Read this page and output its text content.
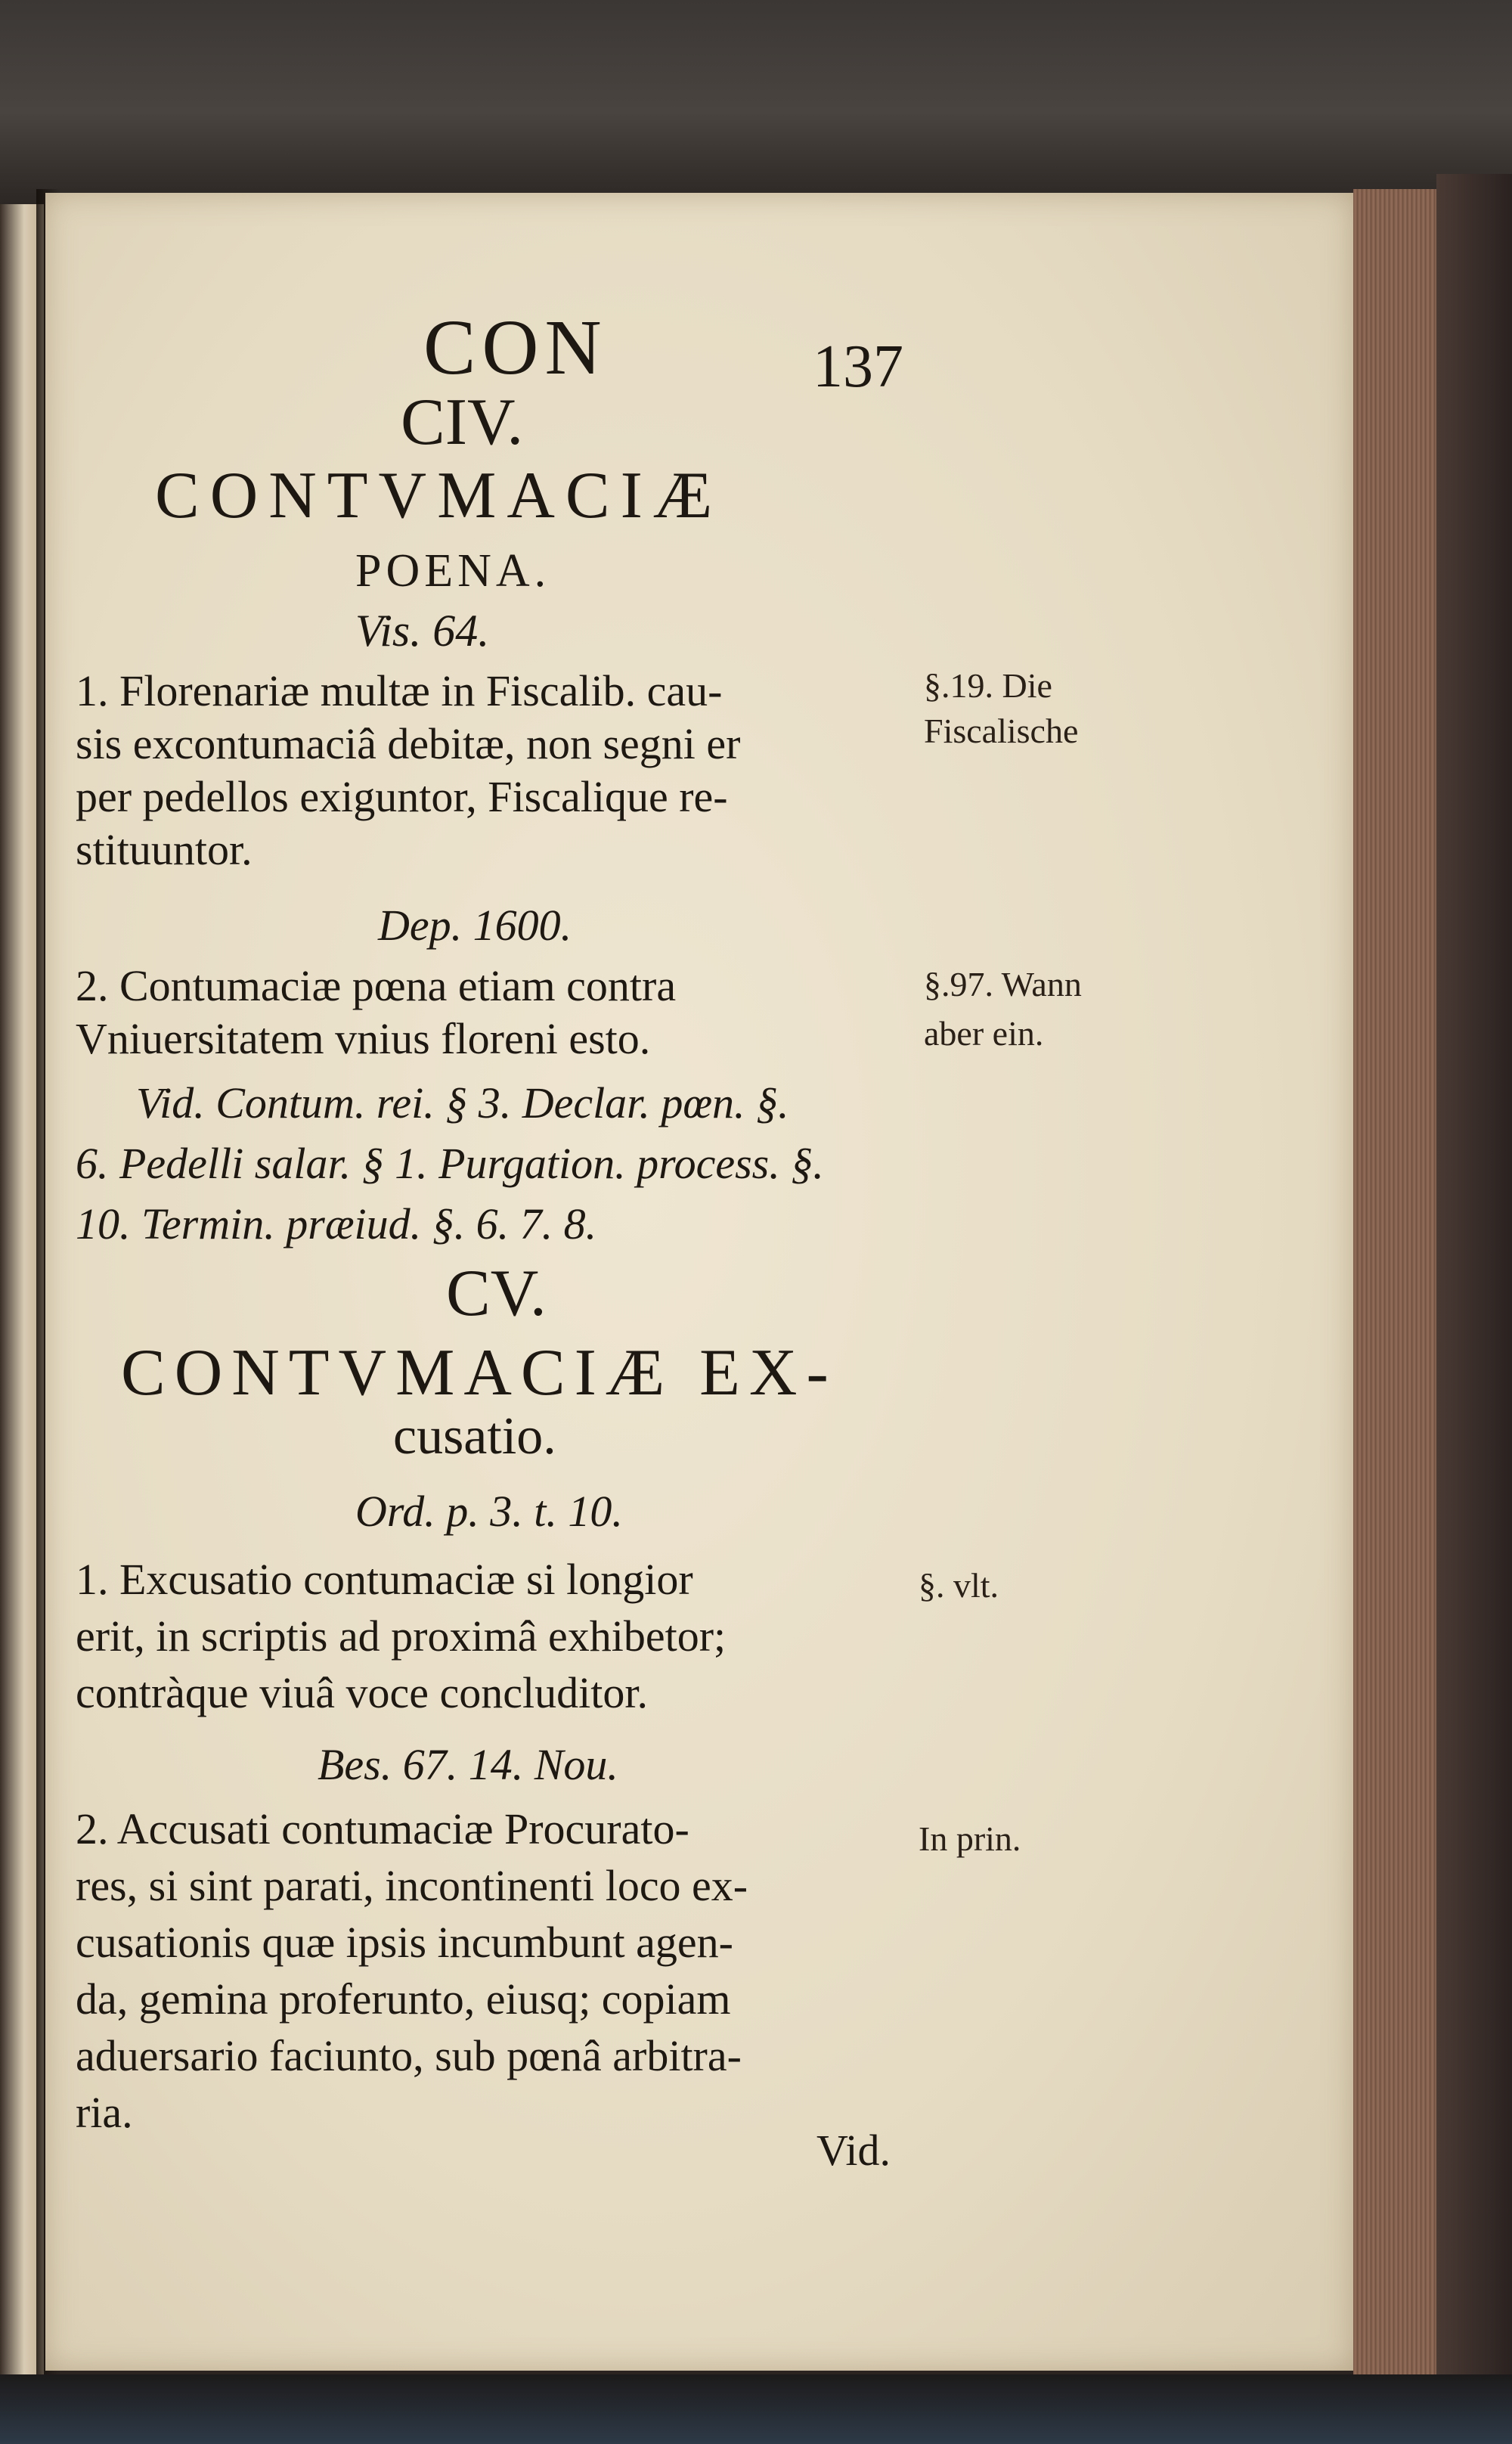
CON	137
CIV.
CONTVMACIÆ
POENA.
Vis. 64.
1. Florenariæ multæ in Fiscalib. cau-
sis excontumaciâ debitæ, non segni er
per pedellos exiguntor, Fiscalique re-
stituuntor.
§.19. Die
Fiscalische
Dep. 1600.
2. Contumaciæ pœna etiam contra
Vniuersitatem vnius floreni esto.
§.97. Wann
aber ein.
Vid. Contum. rei. § 3. Declar. pœn. §.
6. Pedelli salar. § 1. Purgation. process. §.
10. Termin. præiud. §. 6. 7. 8.
CV.
CONTVMACIÆ EX-
cusatio.
Ord. p. 3. t. 10.
1. Excusatio contumaciæ si longior
erit, in scriptis ad proximâ exhibetor;
contràque viuâ voce concluditor.
§. vlt.
Bes. 67. 14. Nou.
2. Accusati contumaciæ Procurato-
res, si sint parati, incontinenti loco ex-
cusationis quæ ipsis incumbunt agen-
da, gemina proferunto, eiusq; copiam
aduersario faciunto, sub pœnâ arbitra-
ria.
In prin.
Vid.
